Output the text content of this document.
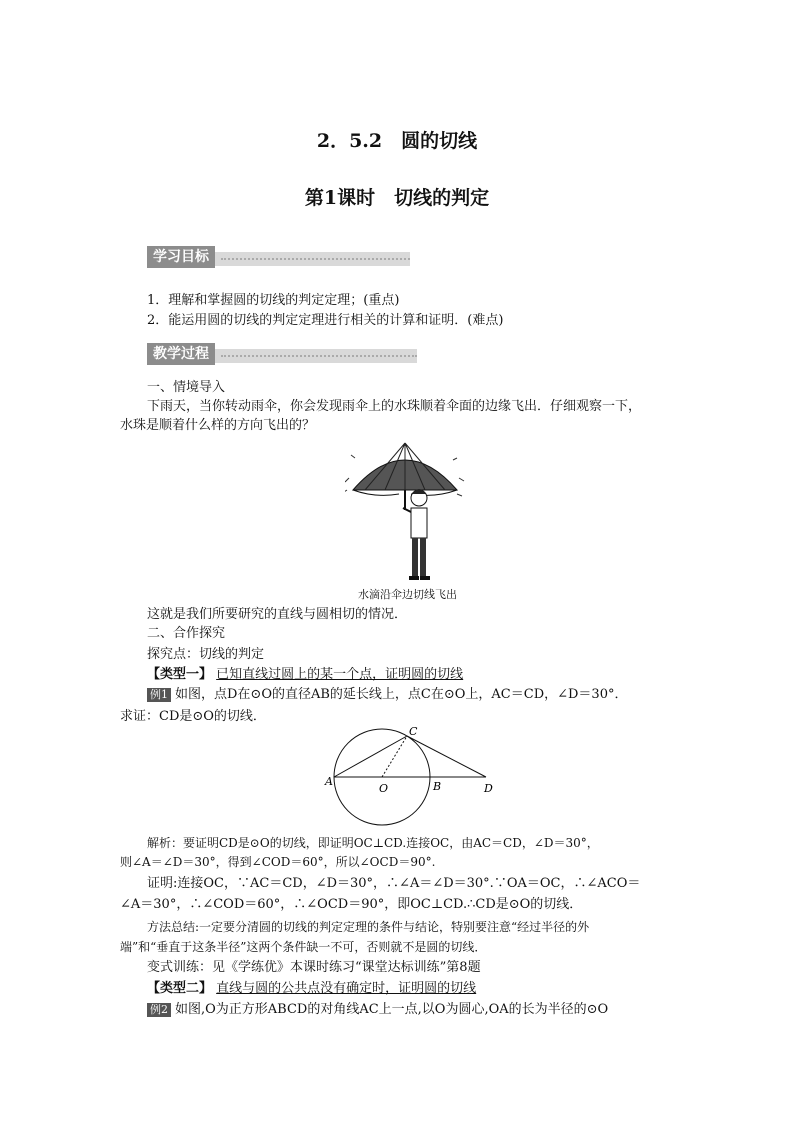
2．5.2　圆的切线
第1课时　切线的判定
学习目标
1．理解和掌握圆的切线的判定定理；(重点)
2．能运用圆的切线的判定定理进行相关的计算和证明．(难点)
教学过程
一、情境导入
下雨天，当你转动雨伞，你会发现雨伞上的水珠顺着伞面的边缘飞出．仔细观察一下，
水珠是顺着什么样的方向飞出的？
水滴沿伞边切线飞出
这就是我们所要研究的直线与圆相切的情况．
二、合作探究
探究点：切线的判定
【类型一】 已知直线过圆上的某一个点，证明圆的切线
例1 如图，点D在⊙O的直径AB的延长线上，点C在⊙O上，AC＝CD，∠D＝30°．
求证：CD是⊙O的切线．
A
O	B
C
D
解析：要证明CD是⊙O的切线，即证明OC⊥CD.连接OC，由AC＝CD，∠D＝30°，
则∠A＝∠D＝30°，得到∠COD＝60°，所以∠OCD＝90°.
证明:连接OC，∵AC＝CD，∠D＝30°，∴∠A＝∠D＝30°.∵OA＝OC，∴∠ACO＝
∠A＝30°，∴∠COD＝60°，∴∠OCD＝90°，即OC⊥CD.∴CD是⊙O的切线．
方法总结:一定要分清圆的切线的判定定理的条件与结论，特别要注意“经过半径的外
端”和“垂直于这条半径”这两个条件缺一不可，否则就不是圆的切线．
变式训练：见《学练优》本课时练习“课堂达标训练”第8题
【类型二】 直线与圆的公共点没有确定时，证明圆的切线
例2 如图,O为正方形ABCD的对角线AC上一点,以O为圆心,OA的长为半径的⊙O
